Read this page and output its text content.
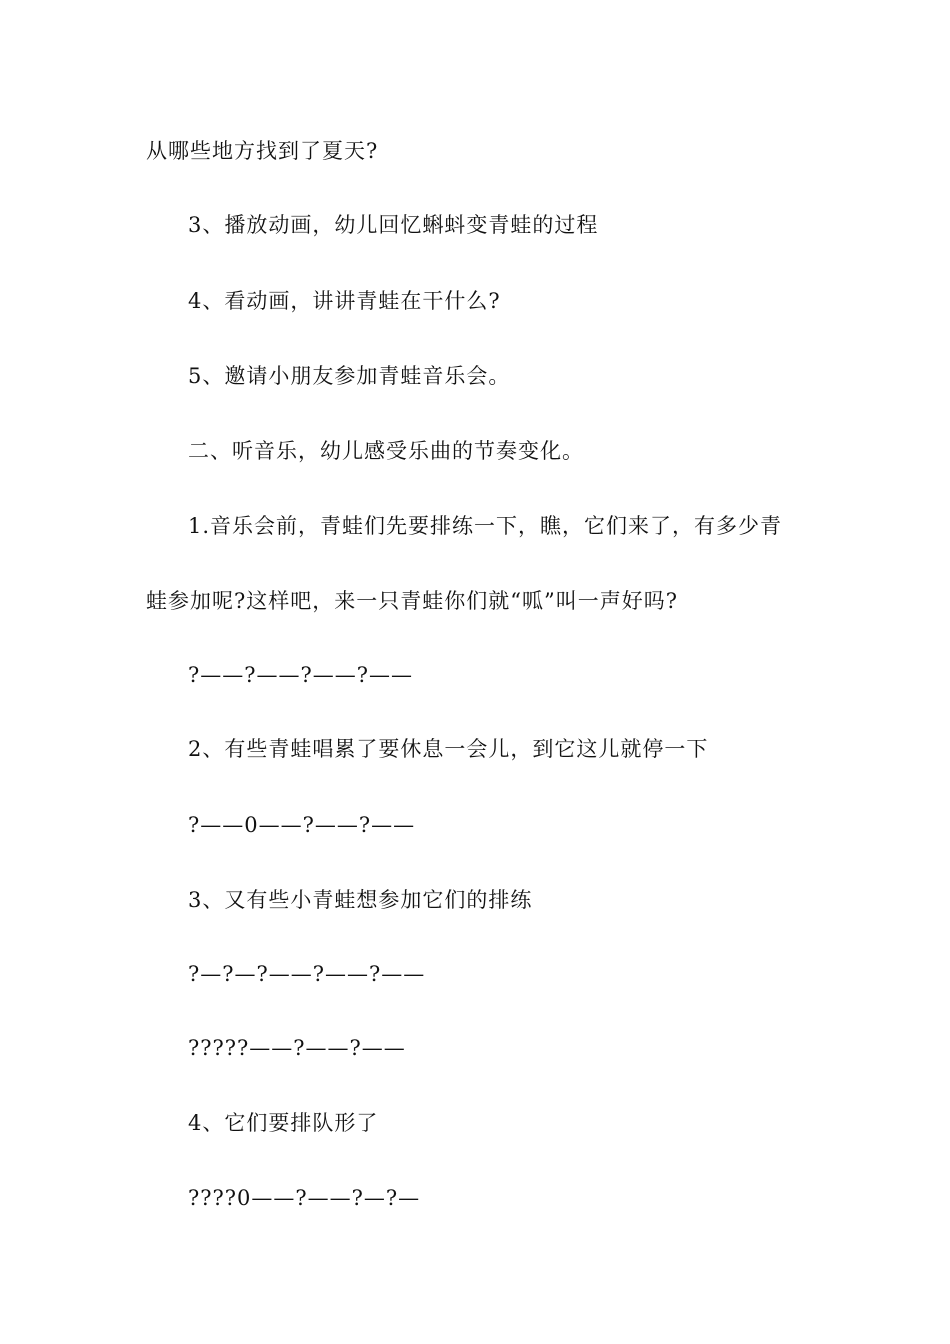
从哪些地方找到了夏天?
3、播放动画，幼儿回忆蝌蚪变青蛙的过程
4、看动画，讲讲青蛙在干什么?
5、邀请小朋友参加青蛙音乐会。
二、听音乐，幼儿感受乐曲的节奏变化。
1.音乐会前，青蛙们先要排练一下，瞧，它们来了，有多少青
蛙参加呢?这样吧，来一只青蛙你们就“呱”叫一声好吗?
?——?——?——?——
2、有些青蛙唱累了要休息一会儿，到它这儿就停一下
?——0——?——?——
3、又有些小青蛙想参加它们的排练
?—?—?——?——?——
?????——?——?——
4、它们要排队形了
????0——?——?—?—
